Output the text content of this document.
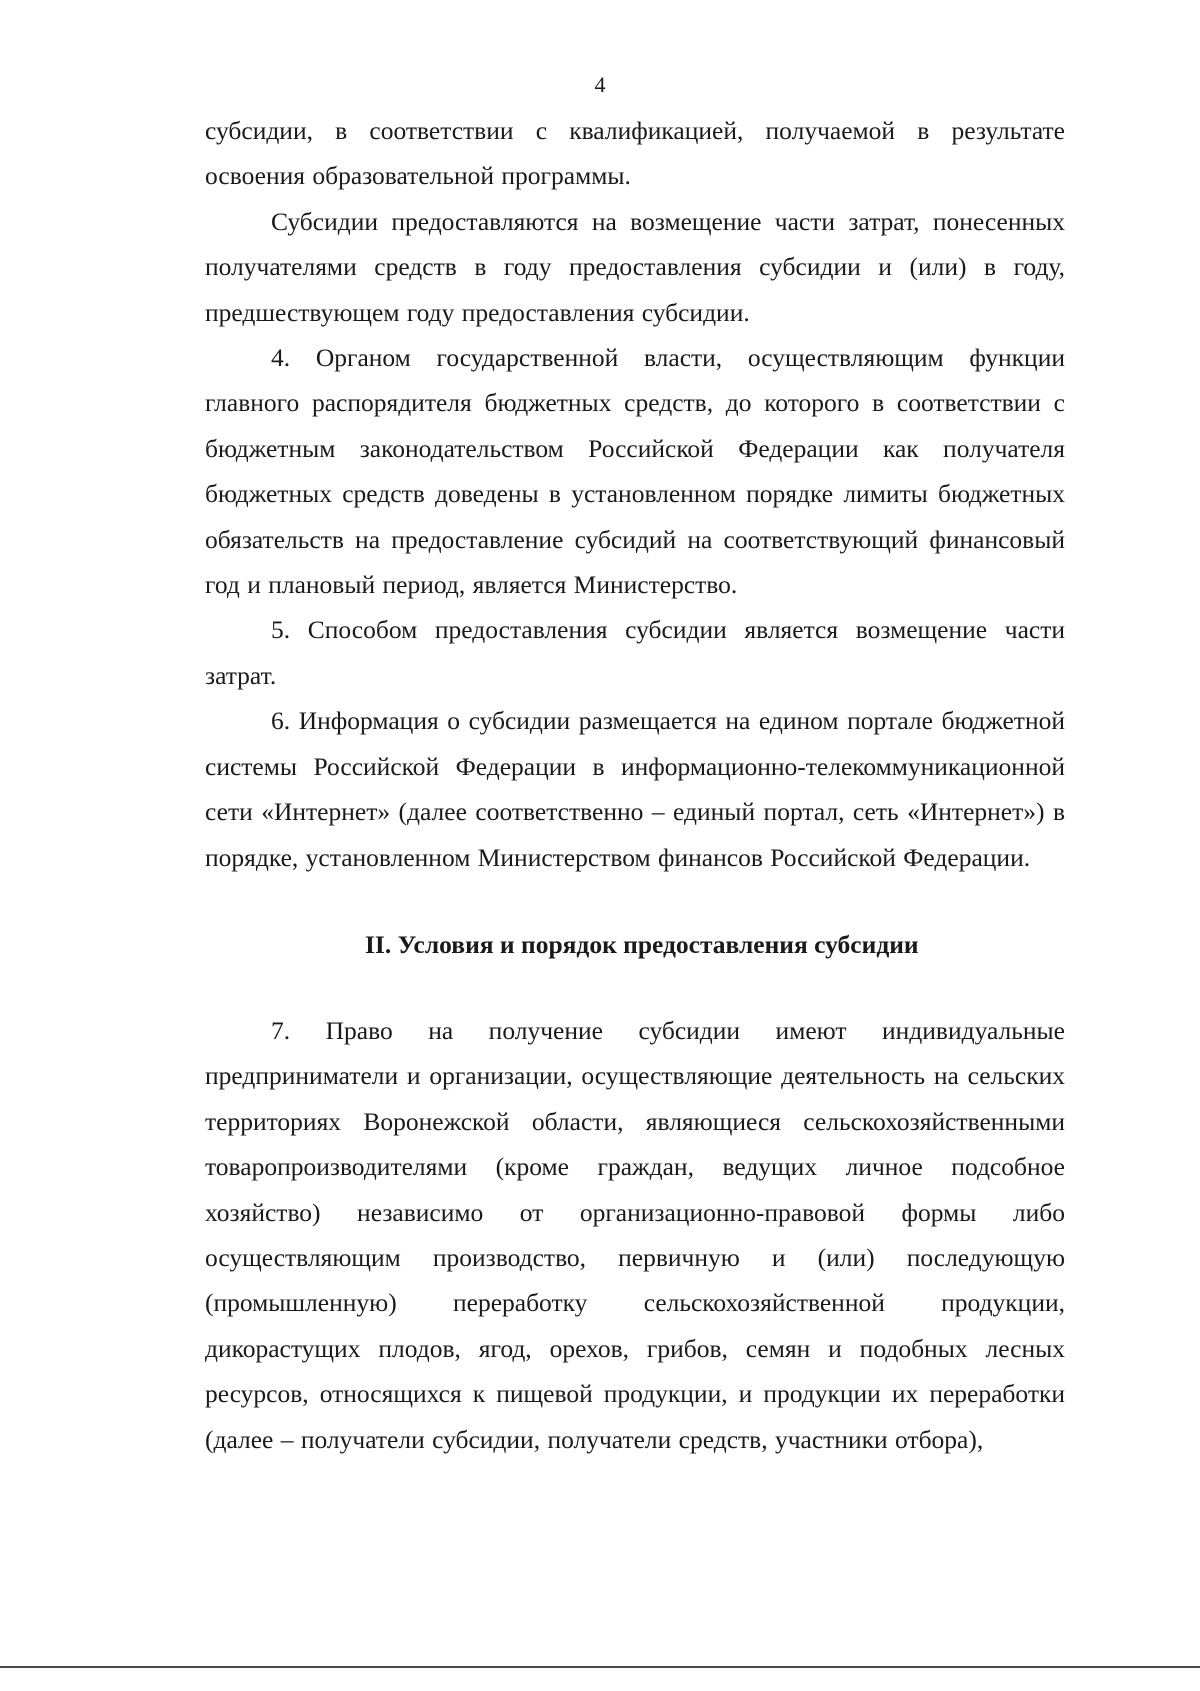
4

субсидии, в соответствии с квалификацией, получаемой в результате освоения образовательной программы.

Субсидии предоставляются на возмещение части затрат, понесенных получателями средств в году предоставления субсидии и (или) в году, предшествующем году предоставления субсидии.

4. Органом государственной власти, осуществляющим функции главного распорядителя бюджетных средств, до которого в соответствии с бюджетным законодательством Российской Федерации как получателя бюджетных средств доведены в установленном порядке лимиты бюджетных обязательств на предоставление субсидий на соответствующий финансовый год и плановый период, является Министерство.

5. Способом предоставления субсидии является возмещение части затрат.

6. Информация о субсидии размещается на едином портале бюджетной системы Российской Федерации в информационно-телекоммуникационной сети «Интернет» (далее соответственно – единый портал, сеть «Интернет») в порядке, установленном Министерством финансов Российской Федерации.

II. Условия и порядок предоставления субсидии

7. Право на получение субсидии имеют индивидуальные предприниматели и организации, осуществляющие деятельность на сельских территориях Воронежской области, являющиеся сельскохозяйственными товаропроизводителями (кроме граждан, ведущих личное подсобное хозяйство) независимо от организационно-правовой формы либо осуществляющим производство, первичную и (или) последующую (промышленную) переработку сельскохозяйственной продукции, дикорастущих плодов, ягод, орехов, грибов, семян и подобных лесных ресурсов, относящихся к пищевой продукции, и продукции их переработки (далее – получатели субсидии, получатели средств, участники отбора),
